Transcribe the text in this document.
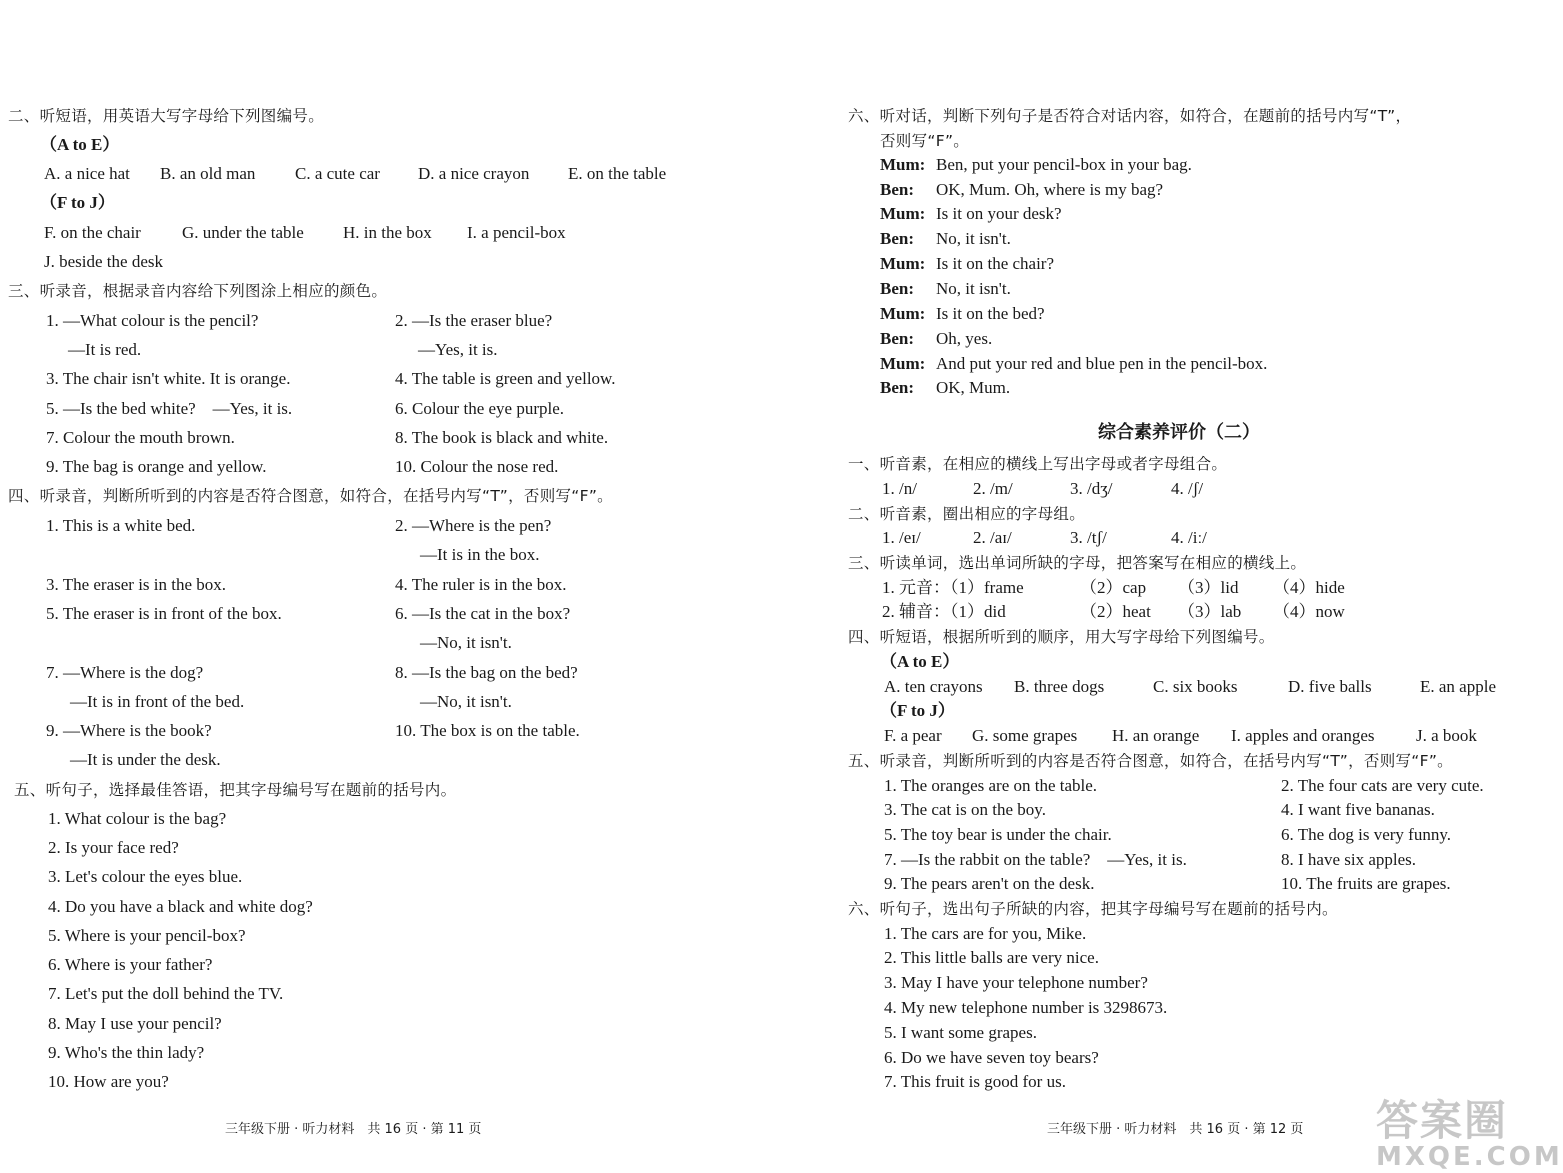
二、听短语，用英语大写字母给下列图编号。
（A to E）
A. a nice hat B. an old man C. a cute car D. a nice crayon E. on the table
（F to J）
F. on the chair G. under the table H. in the box I. a pencil-box
J. beside the desk
三、听录音，根据录音内容给下列图涂上相应的颜色。
1. —What colour is the pencil?	2. —Is the eraser blue?
—It is red.	—Yes, it is.
3. The chair isn't white. It is orange.	4. The table is green and yellow.
5. —Is the bed white?　—Yes, it is.	6. Colour the eye purple.
7. Colour the mouth brown.	8. The book is black and white.
9. The bag is orange and yellow.	10. Colour the nose red.
四、听录音，判断所听到的内容是否符合图意，如符合，在括号内写“T”，否则写“F”。
1. This is a white bed.	2. —Where is the pen?
—It is in the box.
3. The eraser is in the box.	4. The ruler is in the box.
5. The eraser is in front of the box.	6. —Is the cat in the box?
—No, it isn't.
7. —Where is the dog?	8. —Is the bag on the bed?
—It is in front of the bed.	—No, it isn't.
9. —Where is the book?	10. The box is on the table.
—It is under the desk.
五、听句子，选择最佳答语，把其字母编号写在题前的括号内。
1. What colour is the bag?
2. Is your face red?
3. Let's colour the eyes blue.
4. Do you have a black and white dog?
5. Where is your pencil-box?
6. Where is your father?
7. Let's put the doll behind the TV.
8. May I use your pencil?
9. Who's the thin lady?
10. How are you?
三年级下册 · 听力材料　共 16 页 · 第 11 页
六、听对话，判断下列句子是否符合对话内容，如符合，在题前的括号内写“T”，
否则写“F”。
Mum: Ben, put your pencil-box in your bag.
Ben: OK, Mum. Oh, where is my bag?
Mum: Is it on your desk?
Ben: No, it isn't.
Mum: Is it on the chair?
Ben: No, it isn't.
Mum: Is it on the bed?
Ben: Oh, yes.
Mum: And put your red and blue pen in the pencil-box.
Ben: OK, Mum.
综合素养评价（二）
一、听音素，在相应的横线上写出字母或者字母组合。
1. /n/	2. /m/	3. /dʒ/	4. /ʃ/
二、听音素，圈出相应的字母组。
1. /eɪ/	2. /aɪ/	3. /tʃ/	4. /iː/
三、听读单词，选出单词所缺的字母，把答案写在相应的横线上。
1. 元音：（1）frame	（2）cap （3）lid （4）hide
2. 辅音：（1）did	（2）heat （3）lab （4）now
四、听短语，根据所听到的顺序，用大写字母给下列图编号。
（A to E）
A. ten crayons B. three dogs	C. six books	D. five balls	E. an apple
（F to J）
F. a pear G. some grapes H. an orange I. apples and oranges J. a book
五、听录音，判断所听到的内容是否符合图意，如符合，在括号内写“T”，否则写“F”。
1. The oranges are on the table.	2. The four cats are very cute.
3. The cat is on the boy.	4. I want five bananas.
5. The toy bear is under the chair.	6. The dog is very funny.
7. —Is the rabbit on the table?　—Yes, it is.	8. I have six apples.
9. The pears aren't on the desk.	10. The fruits are grapes.
六、听句子，选出句子所缺的内容，把其字母编号写在题前的括号内。
1. The cars are for you, Mike.
2. This little balls are very nice.
3. May I have your telephone number?
4. My new telephone number is 3298673.
5. I want some grapes.
6. Do we have seven toy bears?
7. This fruit is good for us.
三年级下册 · 听力材料　共 16 页 · 第 12 页 答案圈
MXQE.COM
